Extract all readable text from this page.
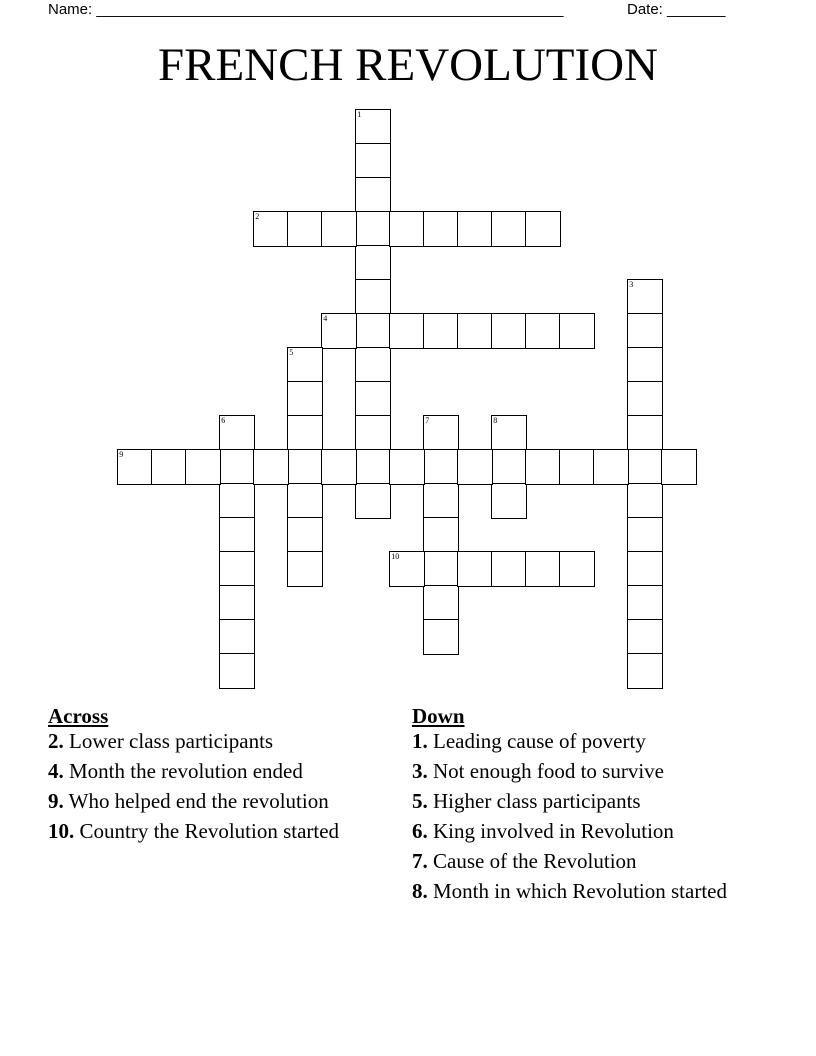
Name: ________________________________________________________	Date: _______
FRENCH REVOLUTION
1
2
3
4
5
6	7	8
9
10
Across
2. Lower class participants
4. Month the revolution ended
9. Who helped end the revolution
10. Country the Revolution started
Down
1. Leading cause of poverty
3. Not enough food to survive
5. Higher class participants
6. King involved in Revolution
7. Cause of the Revolution
8. Month in which Revolution started
